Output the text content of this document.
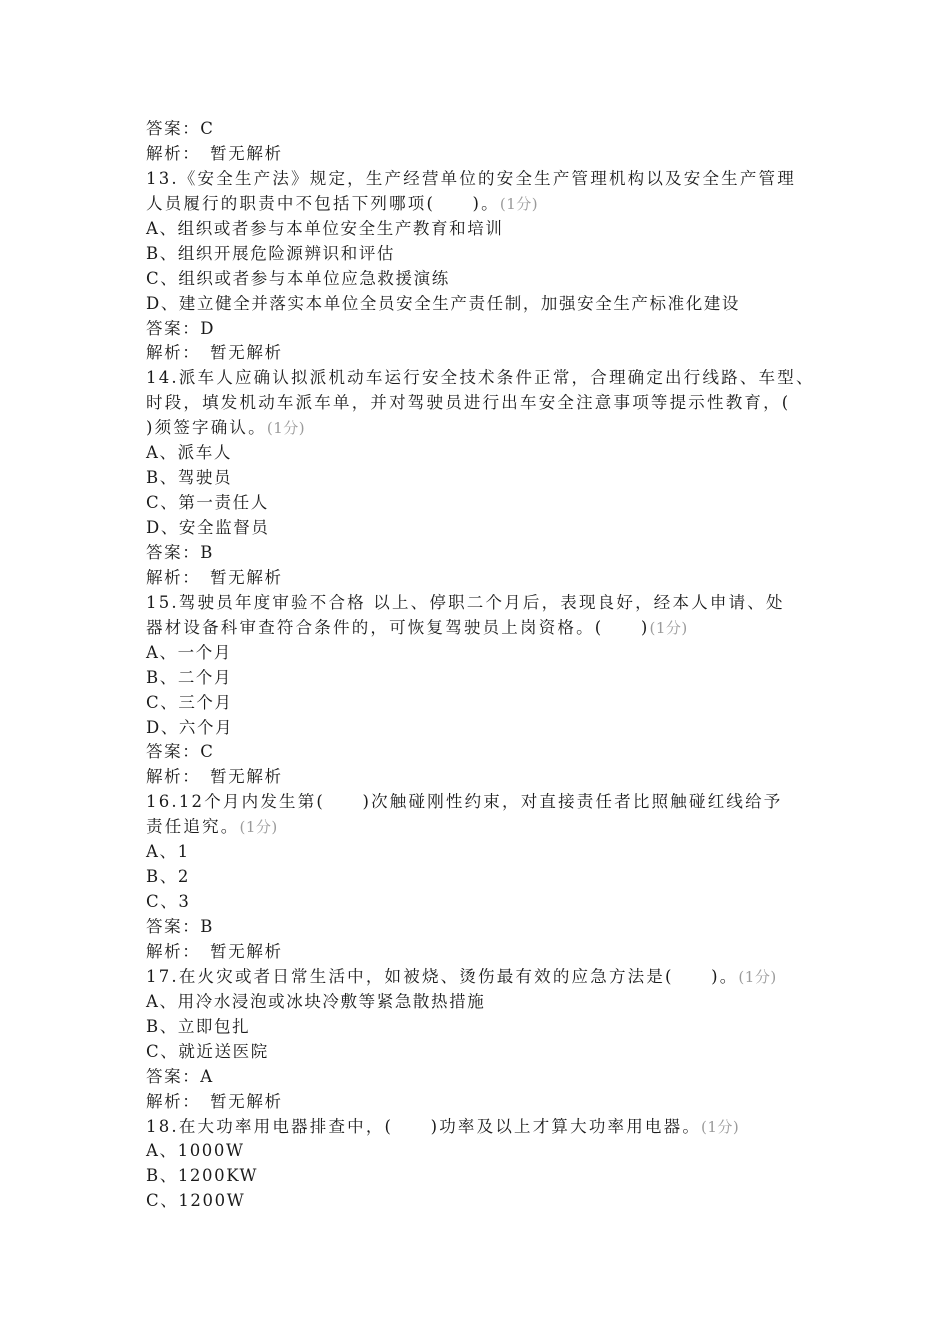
答案：C
解析：　暂无解析
13.《安全生产法》规定，生产经营单位的安全生产管理机构以及安全生产管理
人员履行的职责中不包括下列哪项(　　)。(1分)
A、组织或者参与本单位安全生产教育和培训
B、组织开展危险源辨识和评估
C、组织或者参与本单位应急救援演练
D、建立健全并落实本单位全员安全生产责任制，加强安全生产标准化建设
答案：D
解析：　暂无解析
14.派车人应确认拟派机动车运行安全技术条件正常，合理确定出行线路、车型、
时段，填发机动车派车单，并对驾驶员进行出车安全注意事项等提示性教育，(
)须签字确认。(1分)
A、派车人
B、驾驶员
C、第一责任人
D、安全监督员
答案：B
解析：　暂无解析
15.驾驶员年度审验不合格 以上、停职二个月后，表现良好，经本人申请、处
器材设备科审查符合条件的，可恢复驾驶员上岗资格。(　　)(1分)
A、一个月
B、二个月
C、三个月
D、六个月
答案：C
解析：　暂无解析
16.12个月内发生第(　　)次触碰刚性约束，对直接责任者比照触碰红线给予
责任追究。(1分)
A、1
B、2
C、3
答案：B
解析：　暂无解析
17.在火灾或者日常生活中，如被烧、烫伤最有效的应急方法是(　　)。(1分)
A、用冷水浸泡或冰块冷敷等紧急散热措施
B、立即包扎
C、就近送医院
答案：A
解析：　暂无解析
18.在大功率用电器排查中，(　　)功率及以上才算大功率用电器。(1分)
A、1000W
B、1200KW
C、1200W
